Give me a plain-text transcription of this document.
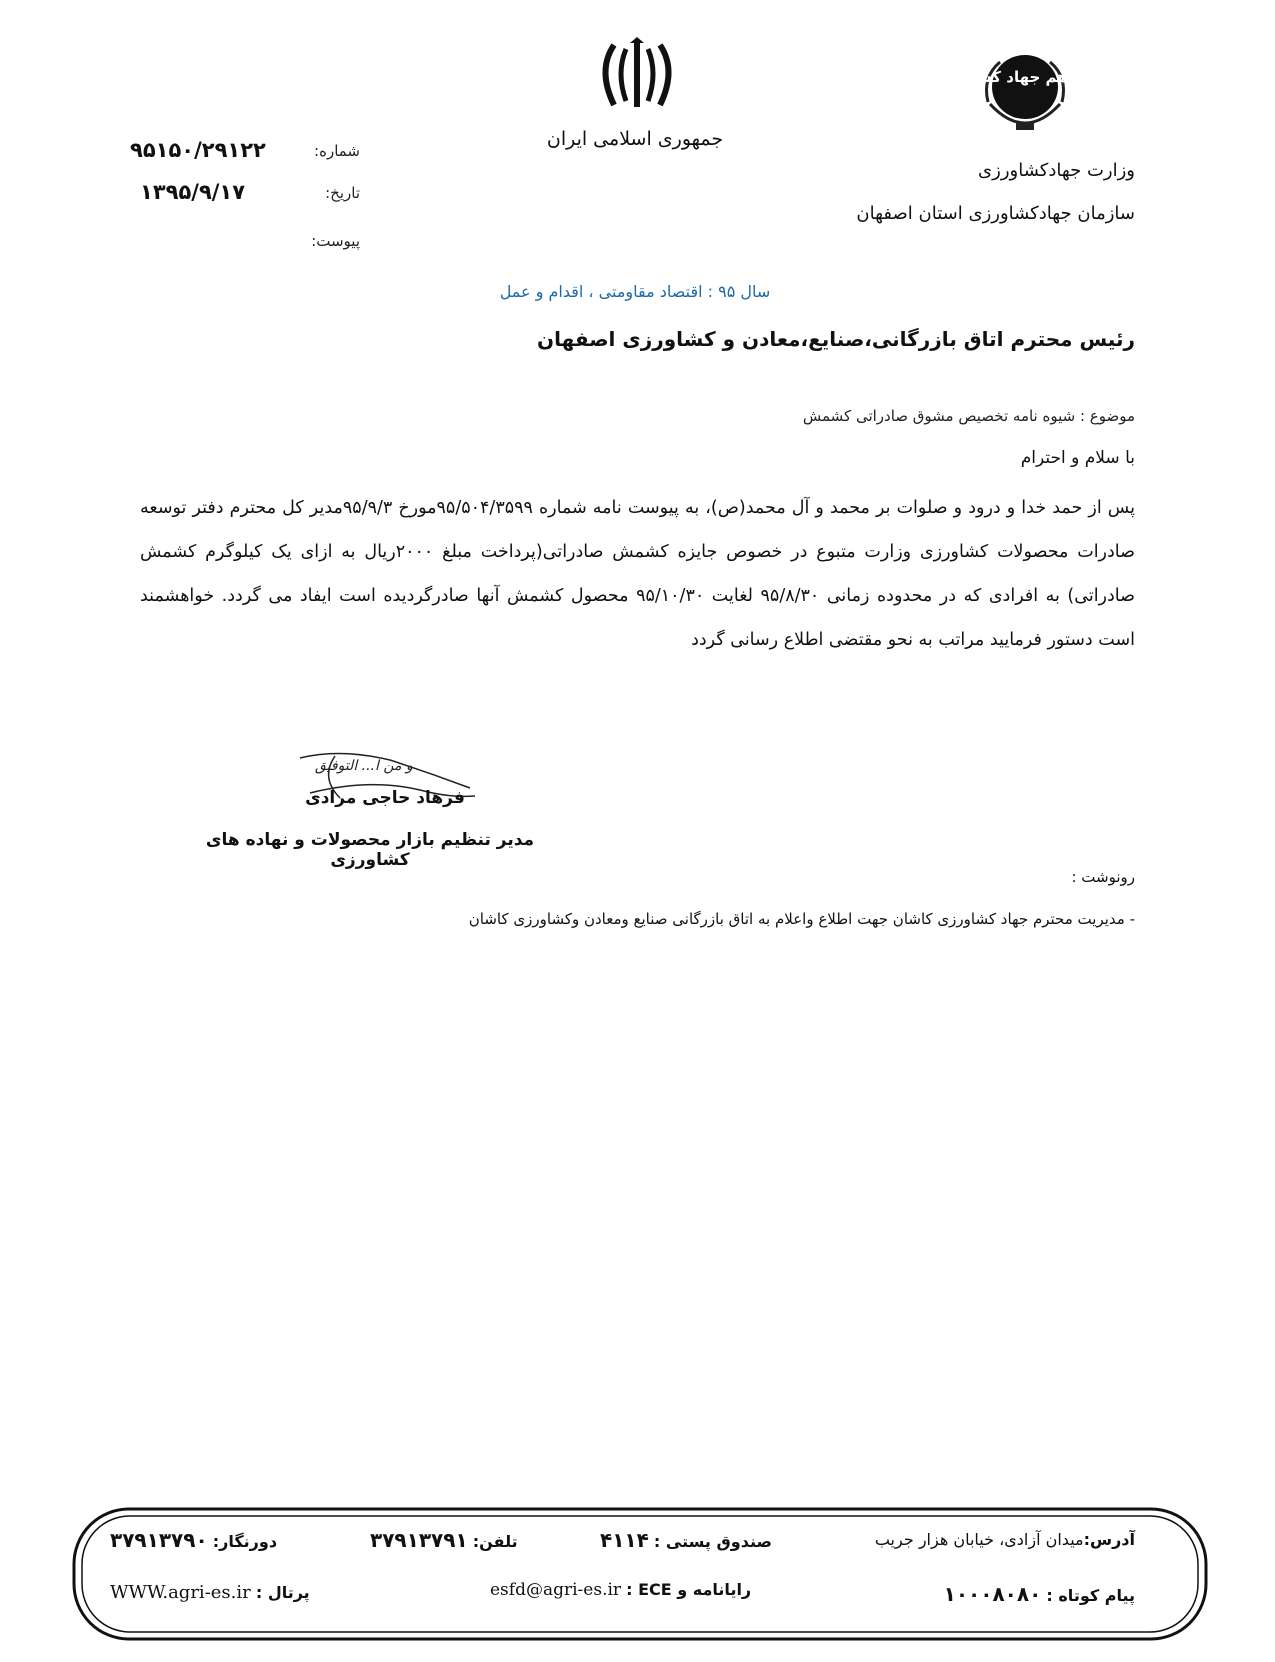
همه با هم جهاد کشاورزی
جمهوری اسلامی ایران
وزارت جهادکشاورزی
سازمان جهادکشاورزی استان اصفهان
۹۵۱۵۰/۲۹۱۲۲	شماره:
۱۳۹۵/۹/۱۷	تاریخ:
پیوست:
سال ۹۵ : اقتصاد مقاومتی ، اقدام و عمل
رئیس محترم اتاق بازرگانی،صنایع،معادن و کشاورزی اصفهان
موضوع : شیوه نامه تخصیص مشوق صادراتی کشمش
با سلام و احترام
پس از حمد خدا و درود و صلوات بر محمد و آل محمد(ص)، به پیوست نامه شماره ۹۵/۵۰۴/۳۵۹۹مورخ ۹۵/۹/۳مدیر کل محترم دفتر توسعه صادرات محصولات کشاورزی وزارت متبوع در خصوص جایزه کشمش صادراتی(پرداخت مبلغ ۲۰۰۰ریال به ازای یک کیلوگرم کشمش صادراتی) به افرادی که در محدوده زمانی ۹۵/۸/۳۰ لغایت ۹۵/۱۰/۳۰ محصول کشمش آنها صادرگردیده است ایفاد می گردد. خواهشمند است دستور فرمایید مراتب به نحو مقتضی اطلاع رسانی گردد
و من ا... التوفیق
فرهاد حاجی مرادی
مدیر تنظیم بازار محصولات و نهاده های کشاورزی
رونوشت :
- مدیریت محترم جهاد کشاورزی کاشان جهت اطلاع واعلام به اتاق بازرگانی صنایع ومعادن وکشاورزی کاشان
آدرس:میدان آزادی، خیابان هزار جریب
صندوق پستی : ۴۱۱۴
تلفن: ۳۷۹۱۳۷۹۱
دورنگار: ۳۷۹۱۳۷۹۰
پیام کوتاه : ۱۰۰۰۸۰۸۰
رایانامه و ECE : esfd@agri-es.ir
پرتال : WWW.agri-es.ir
